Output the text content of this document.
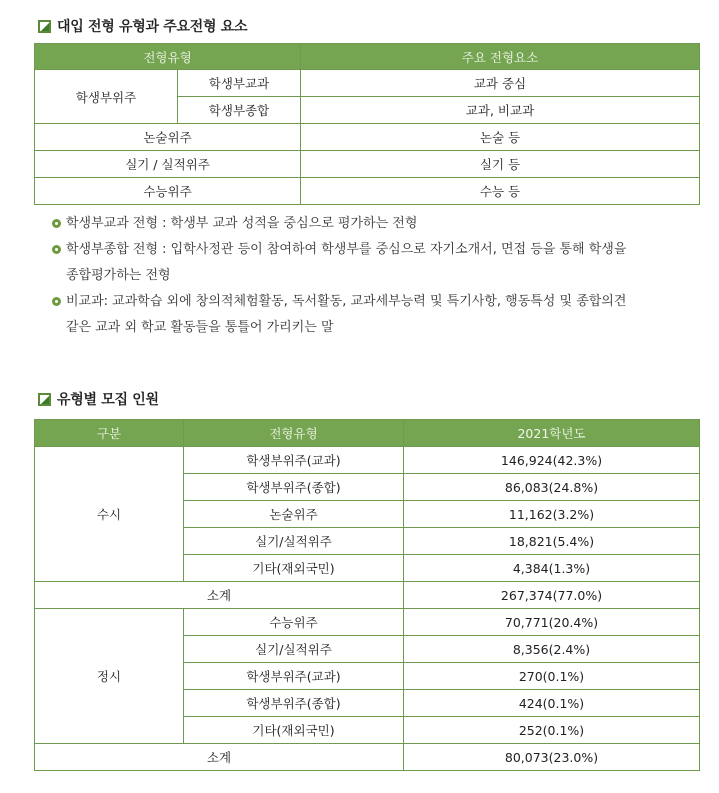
대입 전형 유형과 주요전형 요소
전형유형		주요 전형요소
학생부위주	학생부교과	교과 중심
	학생부종합	교과, 비교과
논술위주		논술 등
실기 / 실적위주		실기 등
수능위주		수능 등
학생부교과 전형 : 학생부 교과 성적을 중심으로 평가하는 전형
학생부종합 전형 : 입학사정관 등이 참여하여 학생부를 중심으로 자기소개서, 면접 등을 통해 학생을
종합평가하는 전형
비교과: 교과학습 외에 창의적체험활동, 독서활동, 교과세부능력 및 특기사항, 행동특성 및 종합의견
같은 교과 외 학교 활동들을 통틀어 가리키는 말
유형별 모집 인원
구분	전형유형	2021학년도
수시	학생부위주(교과)	146,924(42.3%)
	학생부위주(종합)	86,083(24.8%)
	논술위주	11,162(3.2%)
	실기/실적위주	18,821(5.4%)
	기타(재외국민)	4,384(1.3%)
소계		267,374(77.0%)
정시	수능위주	70,771(20.4%)
	실기/실적위주	8,356(2.4%)
	학생부위주(교과)	270(0.1%)
	학생부위주(종합)	424(0.1%)
	기타(재외국민)	252(0.1%)
소계		80,073(23.0%)
